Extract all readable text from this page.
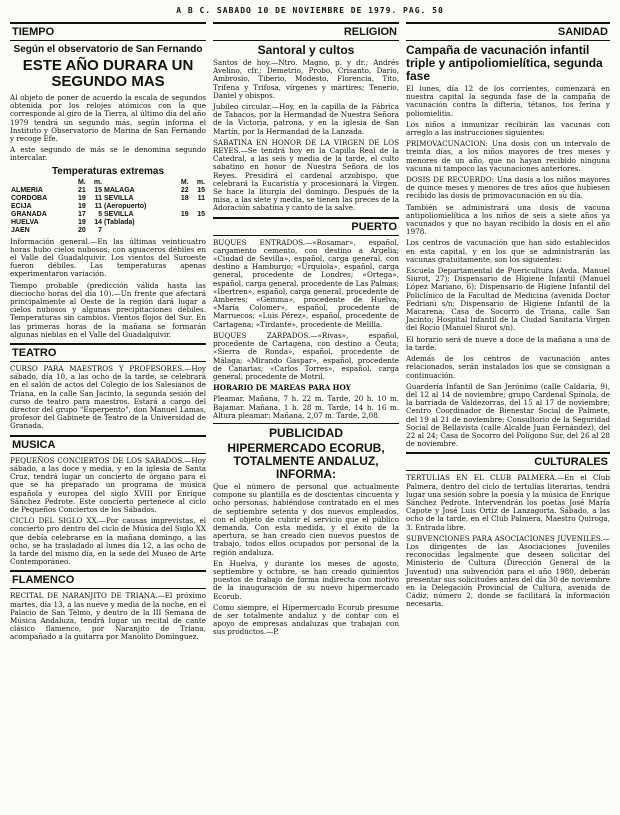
A B C. SABADO 10 DE NOVIEMBRE DE 1979. PAG. 50
TIEMPO
Según el observatorio de San Fernando
ESTE AÑO DURARA UN SEGUNDO MAS

Al objeto de poner de acuerdo la escala de segundos obtenida por los relojes atómicos con la que corresponde al giro de la Tierra, al último día del año 1979 tendrá un segundo más, según informa el Instituto y Observatorio de Marina de San Fernando y recoge Efe.

A este segundo de más se le denomina segundo intercalar.

Temperaturas extremas
	M.	m.		M.	m.
ALMERIA	21	15	MALAGA	22	15
CORDOBA	19	11	SEVILLA	18	11
ECIJA	19	11	(Aeropuerto)		
GRANADA	17	5	SEVILLA	19	15
HUELVA	19	14	(Tablada)		
JAEN	20	7			

Información general.—En las últimas veinticuatro horas hubo cielos nubosos, con aguaceros débiles en el Valle del Guadalquivir. Los vientos del Suroeste fueron débiles. Las temperaturas apenas experimentaron variación.

Tiempo probable (predicción válida hasta las dieciocho horas del día 10).—Un frente que afectará principalmente al Oeste de la región dará lugar a cielos nubosos y algunas precipitaciones débiles. Temperaturas sin cambios. Vientos flojos del Sur. En las primeras horas de la mañana se formarán algunas nieblas en el Valle del Guadalquivir.

TEATRO

CURSO PARA MAESTROS Y PROFESORES.—Hoy sábado, día 10, a las ocho de la tarde, se celebrará en el salón de actos del Colegio de los Salesianos de Triana, en la calle San Jacinto, la segunda sesión del curso de teatro para maestros. Estará a cargo del director del grupo "Esperpento", don Manuel Lamas, profesor del Gabinete de Teatro de la Universidad de Granada.

MUSICA

PEQUEÑOS CONCIERTOS DE LOS SABADOS.—Hoy sábado, a las doce y media, y en la iglesia de Santa Cruz, tendrá lugar un concierto de órgano para el que se ha preparado un programa de música española y europea del siglo XVIII por Enrique Sánchez Pedrote. Este concierto pertenece al ciclo de Pequeños Conciertos de los Sábados.

CICLO DEL SIGLO XX.—Por causas imprevistas, el concierto pro dentro del ciclo de Música del Siglo XX que debía celebrarse en la mañana domingo, a las ocho, se ha trasladado al lunes día 12, a las ocho de la tarde del mismo día, en la sede del Museo de Arte Contemporáneo.

FLAMENCO

RECITAL DE NARANJITO DE TRIANA.—El próximo martes, día 13, a las nueve y media de la noche, en el Palacio de San Telmo, y dentro de la III Semana de Música Andaluza, tendrá lugar un recital de cante clásico flamenco, por Naranjito de Triana, acompañado a la guitarra por Manolito Domínguez.

RELIGION
Santoral y cultos

Santos de hoy.—Ntro. Magno, p. y dr.; Andrés Avelino, cfr.; Demetrio, Probo, Crisanto, Dario, Ambrosio, Tiberio, Modesto, Florencia, Tito, Trifena y Trifosa, vírgenes y mártires; Tenerio, Daniel y obispos.

Jubileo circular.—Hoy, en la capilla de la Fábrica de Tabacos, por la Hermandad de Nuestra Señora de la Victoria, patrona, y en la iglesia de San Martín, por la Hermandad de la Lanzada.

SABATINA EN HONOR DE LA VIRGEN DE LOS REYES.—Se tendrá hoy en la Capilla Real de la Catedral, a las seis y media de la tarde, el culto sabatino en honor de Nuestra Señora de los Reyes. Presidirá el cardenal arzobispo, que celebrará la Eucaristía y procesionará la Virgen. Se hace la liturgia del domingo. Después de la misa, a las siete y media, se tienen las preces de la Adoración sabatina y canto de la salve.

PUERTO

BUQUES ENTRADOS.—«Rosamar», español, cargamento cemento, con destino a Argelia; «Ciudad de Sevilla», español, carga general, con destino a Hamburgo; «Urquiola», español, carga general, procedente de Londres; «Ortega», español, carga general, procedente de Las Palmas; «Ibertren», español, carga general, procedente de Amberes; «Gemma», procedente de Huelva; «María Colomer», español, procedente de Marruecos; «Luis Pérez», español, procedente de Cartagena; «Tirdante», procedente de Melilla.

BUQUES ZARPADOS.—«Rivas», español, procedente de Cartagena, con destino a Ceuta; «Sierra de Ronda», español, procedente de Málaga; «Mirando Gaspar», español, procedente de Canarias; «Carlos Torres», español, carga general, procedente de Motril.

HORARIO DE MAREAS PARA HOY

Pleamar. Mañana, 7 h. 22 m. Tarde, 20 h. 10 m. Bajamar. Mañana, 1 h. 28 m. Tarde, 14 h. 16 m. Altura pleamar: Mañana, 2,07 m. Tarde, 2,08.

PUBLICIDAD
HIPERMERCADO ECORUB, TOTALMENTE ANDALUZ, INFORMA:

Que el número de personal que actualmente compone su plantilla es de doscientas cincuenta y ocho personas, habiéndose contratado en el mes de septiembre setenta y dos nuevos empleados, con el objeto de cubrir el servicio que el público demanda. Con esta medida, y el éxito de la apertura, se han creado cien nuevos puestos de trabajo, todos ellos ocupados por personal de la región andaluza.

En Huelva, y durante los meses de agosto, septiembre y octubre, se han creado quinientos puestos de trabajo de forma indirecta con motivo de la inauguración de su nuevo hipermercado Ecorub.

Como siempre, el Hipermercado Ecorub presume de ser totalmente andaluz y de contar con el apoyo de empresas andaluzas que trabajan con sus productos.—P.

SANIDAD
Campaña de vacunación infantil triple y antipoliomielítica, segunda fase

El lunes, día 12 de los corrientes, comenzará en nuestra capital la segunda fase de la campaña de vacunación contra la difteria, tétanos, tos ferina y poliomielitis.

Los niños a inmunizar recibirán las vacunas con arreglo a las instrucciones siguientes:

PRIMOVACUNACION: Una dosis con un intervalo de treinta días, a los niños mayores de tres meses y menores de un año, que no hayan recibido ninguna vacuna ni tampoco las vacunaciones anteriores.

DOSIS DE RECUERDO: Una dosis a los niños mayores de quince meses y menores de tres años que hubiesen recibido las dosis de primovacunación en su día.

También se administrará una dosis de vacuna antipoliomielítica a los niños de seis a siete años ya vacunados y que no hayan recibido la dosis en el año 1978.

Los centros de vacunación que han sido establecidos en esta capital, y en los que se administrarán las vacunas gratuitamente, son los siguientes:

Escuela Departamental de Puericultura (Avda. Manuel Siurot, 27); Dispensario de Higiene Infantil (Manuel López Mariano, 6); Dispensario de Higiene Infantil del Policlínico de la Facultad de Medicina (avenida Doctor Fedriani s/n; Dispensario de Higiene Infantil de la Macarena; Casa de Socorro de Triana, calle San Jacinto; Hospital Infantil de la Ciudad Sanitaria Virgen del Rocío (Manuel Siurot s/n).

El horario será de nueve a doce de la mañana a una de la tarde.

Además de los centros de vacunación antes relacionados, serán instalados los que se consignan a continuación.

Guardería Infantil de San Jerónimo (calle Caldaria, 9), del 12 al 14 de noviembre; grupo Cardenal Spínola, de la barriada de Valdezorras, del 15 al 17 de noviembre; Centro Coordinador de Bienestar Social de Palmete, del 19 al 21 de noviembre; Consultorio de la Seguridad Social de Bellavista (calle Alcalde Juan Fernández), del 22 al 24; Casa de Socorro del Polígono Sur, del 26 al 28 de noviembre.

CULTURALES

TERTULIAS EN EL CLUB PALMERA.—En el Club Palmera, dentro del ciclo de tertulias literarias, tendrá lugar una sesión sobre la poesía y la música de Enrique Sánchez Pedrote. Intervendrán los poetas José María Capote y José Luis Ortiz de Lanzagorta. Sábado, a las ocho de la tarde, en el Club Palmera, Maestro Quiroga, 3. Entrada libre.

SUBVENCIONES PARA ASOCIACIONES JUVENILES.—Los dirigentes de las Asociaciones Juveniles reconocidas legalmente que deseen solicitar del Ministerio de Cultura (Dirección General de la Juventud) una subvención para el año 1980, deberán presentar sus solicitudes antes del día 30 de noviembre en la Delegación Provincial de Cultura, avenida de Cádiz, número 2, donde se facilitará la información necesaria.
